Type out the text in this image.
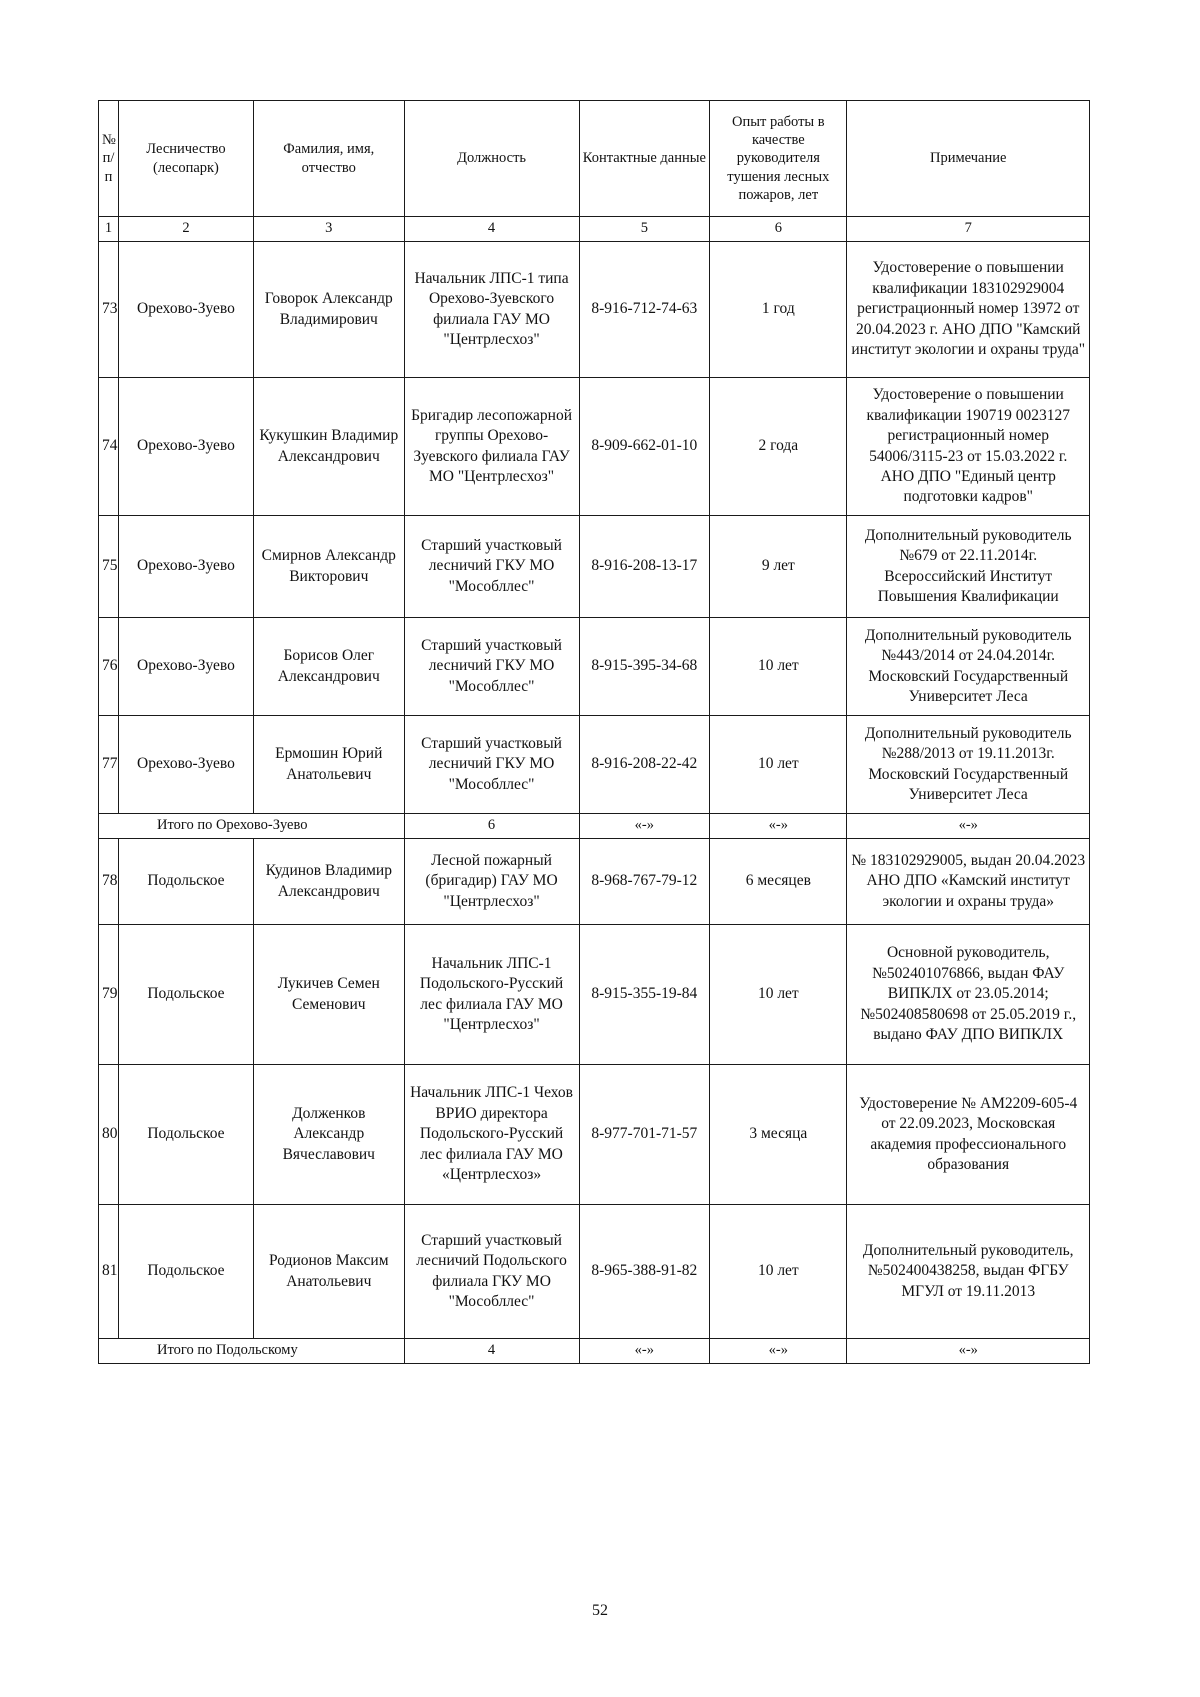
№ п/п	Лесничество (лесопарк)	Фамилия, имя, отчество	Должность	Контактные данные	Опыт работы в качестве руководителя тушения лесных пожаров, лет	Примечание
1	2	3	4	5	6	7
73	Орехово-Зуево	Говорок Александр Владимирович	Начальник ЛПС-1 типа Орехово-Зуевского филиала ГАУ МО "Центрлесхоз"	8-916-712-74-63	1 год	Удостоверение о повышении квалификации 183102929004 регистрационный номер 13972 от 20.04.2023 г. АНО ДПО "Камский институт экологии и охраны труда"
74	Орехово-Зуево	Кукушкин Владимир Александрович	Бригадир лесопожарной группы Орехово-Зуевского филиала ГАУ МО "Центрлесхоз"	8-909-662-01-10	2 года	Удостоверение о повышении квалификации 190719 0023127 регистрационный номер 54006/3115-23 от 15.03.2022 г. АНО ДПО "Единый центр подготовки кадров"
75	Орехово-Зуево	Смирнов Александр Викторович	Старший участковый лесничий ГКУ МО "Мособллес"	8-916-208-13-17	9 лет	Дополнительный руководитель №679 от 22.11.2014г. Всероссийский Институт Повышения Квалификации
76	Орехово-Зуево	Борисов Олег Александрович	Старший участковый лесничий ГКУ МО "Мособллес"	8-915-395-34-68	10 лет	Дополнительный руководитель №443/2014 от 24.04.2014г. Московский Государственный Университет Леса
77	Орехово-Зуево	Ермошин Юрий Анатольевич	Старший участковый лесничий ГКУ МО "Мособллес"	8-916-208-22-42	10 лет	Дополнительный руководитель №288/2013 от 19.11.2013г. Московский Государственный Университет Леса
Итого по Орехово-Зуево			6	«-»	«-»	«-»
78	Подольское	Кудинов Владимир Александрович	Лесной пожарный (бригадир) ГАУ МО "Центрлесхоз"	8-968-767-79-12	6 месяцев	№ 183102929005, выдан 20.04.2023 АНО ДПО «Камский институт экологии и охраны труда»
79	Подольское	Лукичев Семен Семенович	Начальник ЛПС-1 Подольского-Русский лес филиала ГАУ МО "Центрлесхоз"	8-915-355-19-84	10 лет	Основной руководитель, №502401076866, выдан ФАУ ВИПКЛХ от 23.05.2014; №502408580698 от 25.05.2019 г., выдано ФАУ ДПО ВИПКЛХ
80	Подольское	Долженков Александр Вячеславович	Начальник ЛПС-1 Чехов ВРИО директора Подольского-Русский лес филиала ГАУ МО «Центрлесхоз»	8-977-701-71-57	3 месяца	Удостоверение № АМ2209-605-4 от 22.09.2023, Московская академия профессионального образования
81	Подольское	Родионов Максим Анатольевич	Старший участковый лесничий Подольского филиала ГКУ МО "Мособллес"	8-965-388-91-82	10 лет	Дополнительный руководитель, №502400438258, выдан ФГБУ МГУЛ от 19.11.2013
Итого по Подольскому			4	«-»	«-»	«-»
52
